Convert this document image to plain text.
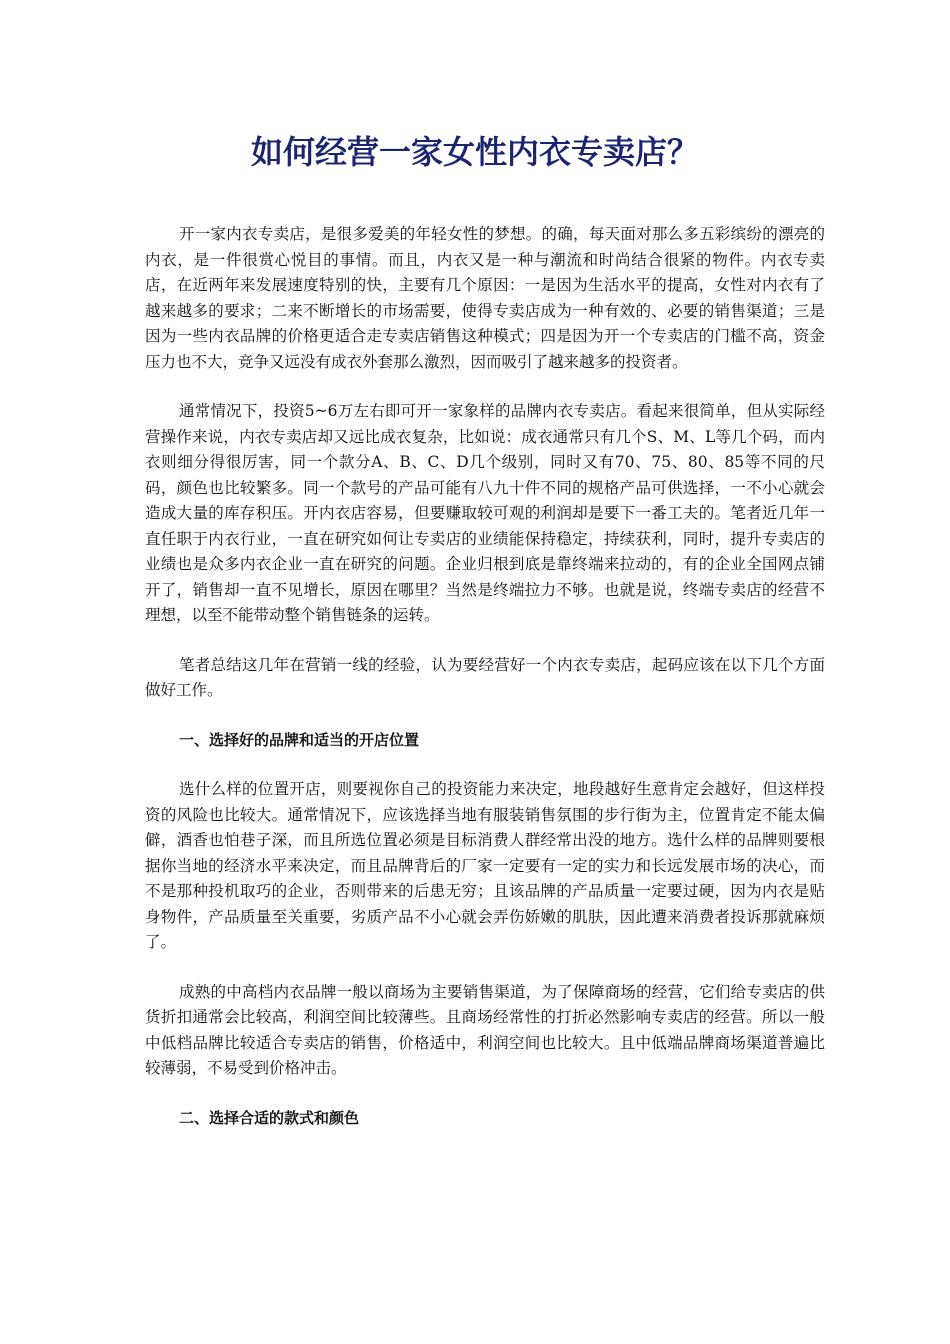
如何经营一家女性内衣专卖店？

开一家内衣专卖店，是很多爱美的年轻女性的梦想。的确，每天面对那么多五彩缤纷的漂亮的内衣，是一件很赏心悦目的事情。而且，内衣又是一种与潮流和时尚结合很紧的物件。内衣专卖店，在近两年来发展速度特别的快，主要有几个原因：一是因为生活水平的提高，女性对内衣有了越来越多的要求；二来不断增长的市场需要，使得专卖店成为一种有效的、必要的销售渠道；三是因为一些内衣品牌的价格更适合走专卖店销售这种模式；四是因为开一个专卖店的门槛不高，资金压力也不大，竞争又远没有成衣外套那么激烈，因而吸引了越来越多的投资者。

通常情况下，投资5~6万左右即可开一家象样的品牌内衣专卖店。看起来很简单，但从实际经营操作来说，内衣专卖店却又远比成衣复杂，比如说：成衣通常只有几个S、M、L等几个码，而内衣则细分得很厉害，同一个款分A、B、C、D几个级别，同时又有70、75、80、85等不同的尺码，颜色也比较繁多。同一个款号的产品可能有八九十件不同的规格产品可供选择，一不小心就会造成大量的库存积压。开内衣店容易，但要赚取较可观的利润却是要下一番工夫的。笔者近几年一直任职于内衣行业，一直在研究如何让专卖店的业绩能保持稳定，持续获利，同时，提升专卖店的业绩也是众多内衣企业一直在研究的问题。企业归根到底是靠终端来拉动的，有的企业全国网点铺开了，销售却一直不见增长，原因在哪里？当然是终端拉力不够。也就是说，终端专卖店的经营不理想，以至不能带动整个销售链条的运转。

笔者总结这几年在营销一线的经验，认为要经营好一个内衣专卖店，起码应该在以下几个方面做好工作。

一、选择好的品牌和适当的开店位置

选什么样的位置开店，则要视你自己的投资能力来决定，地段越好生意肯定会越好，但这样投资的风险也比较大。通常情况下，应该选择当地有服装销售氛围的步行街为主，位置肯定不能太偏僻，酒香也怕巷子深，而且所选位置必须是目标消费人群经常出没的地方。选什么样的品牌则要根据你当地的经济水平来决定，而且品牌背后的厂家一定要有一定的实力和长远发展市场的决心，而不是那种投机取巧的企业，否则带来的后患无穷；且该品牌的产品质量一定要过硬，因为内衣是贴身物件，产品质量至关重要，劣质产品不小心就会弄伤娇嫩的肌肤，因此遭来消费者投诉那就麻烦了。

成熟的中高档内衣品牌一般以商场为主要销售渠道，为了保障商场的经营，它们给专卖店的供货折扣通常会比较高，利润空间比较薄些。且商场经常性的打折必然影响专卖店的经营。所以一般中低档品牌比较适合专卖店的销售，价格适中，利润空间也比较大。且中低端品牌商场渠道普遍比较薄弱，不易受到价格冲击。

二、选择合适的款式和颜色
